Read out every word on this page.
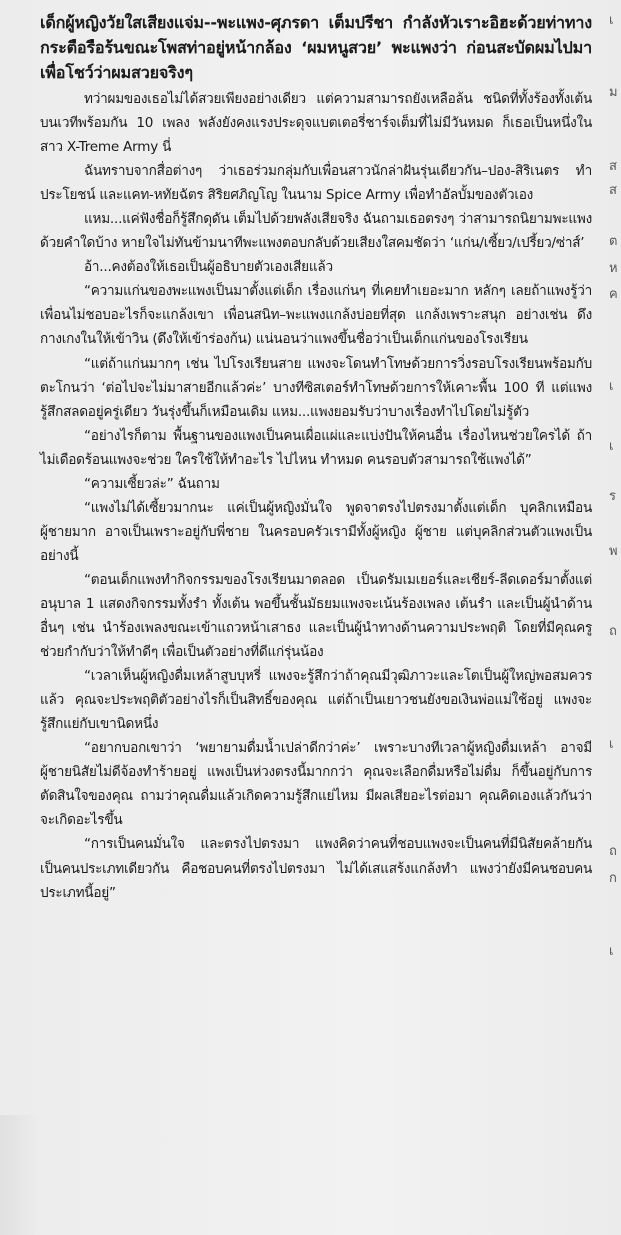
เด็กผู้หญิงวัยใสเสียงแจ่ม--พะแพง-ศุภรดา เต็มปรีชา กำลังหัวเราะอิฮะด้วยท่าทางกระตือรือร้นขณะโพสท่าอยู่หน้ากล้อง ‘ผมหนูสวย’ พะแพงว่า ก่อนสะบัดผมไปมาเพื่อโชว์ว่าผมสวยจริงๆ

ทว่าผมของเธอไม่ได้สวยเพียงอย่างเดียว แต่ความสามารถยังเหลือล้น ชนิดที่ทั้งร้องทั้งเต้นบนเวทีพร้อมกัน 10 เพลง พลังยังคงแรงประดุจแบตเตอรี่ชาร์จเต็มที่ไม่มีวันหมด ก็เธอเป็นหนึ่งในสาว X-Treme Army นี่

ฉันทราบจากสื่อต่างๆ ว่าเธอร่วมกลุ่มกับเพื่อนสาวนักล่าฝันรุ่นเดียวกัน–ปอง-สิริเนตร ทำประโยชน์ และแคท-หทัยฉัตร สิริยศภิญโญ ในนาม Spice Army เพื่อทำอัลบั้มของตัวเอง

แหม...แค่ฟังชื่อก็รู้สึกดุดัน เต็มไปด้วยพลังเสียจริง ฉันถามเธอตรงๆ ว่าสามารถนิยามพะแพงด้วยคำใดบ้าง หายใจไม่ทันข้ามนาทีพะแพงตอบกลับด้วยเสียงใสคมชัดว่า ‘แก่น/เซี้ยว/เปรี้ยว/ซ่าส์’

อ้า...คงต้องให้เธอเป็นผู้อธิบายตัวเองเสียแล้ว

“ความแก่นของพะแพงเป็นมาตั้งแต่เด็ก เรื่องแก่นๆ ที่เคยทำเยอะมาก หลักๆ เลยถ้าแพงรู้ว่าเพื่อนไม่ชอบอะไรก็จะแกล้งเขา เพื่อนสนิท–พะแพงแกล้งบ่อยที่สุด แกล้งเพราะสนุก อย่างเช่น ดึงกางเกงในให้เข้าวิน (ดึงให้เข้าร่องก้น) แน่นอนว่าแพงขึ้นชื่อว่าเป็นเด็กแก่นของโรงเรียน

“แต่ถ้าแก่นมากๆ เช่น ไปโรงเรียนสาย แพงจะโดนทำโทษด้วยการวิ่งรอบโรงเรียนพร้อมกับตะโกนว่า ‘ต่อไปจะไม่มาสายอีกแล้วค่ะ’ บางทีซิสเตอร์ทำโทษด้วยการให้เคาะพื้น 100 ที แต่แพงรู้สึกสลดอยู่ครู่เดียว วันรุ่งขึ้นก็เหมือนเดิม แหม...แพงยอมรับว่าบางเรื่องทำไปโดยไม่รู้ตัว

“อย่างไรก็ตาม พื้นฐานของแพงเป็นคนเผื่อแผ่และแบ่งปันให้คนอื่น เรื่องไหนช่วยใครได้ ถ้าไม่เดือดร้อนแพงจะช่วย ใครใช้ให้ทำอะไร ไปไหน ทำหมด คนรอบตัวสามารถใช้แพงได้”

“ความเซี้ยวล่ะ” ฉันถาม

“แพงไม่ได้เซี้ยวมากนะ แค่เป็นผู้หญิงมั่นใจ พูดจาตรงไปตรงมาตั้งแต่เด็ก บุคลิกเหมือนผู้ชายมาก อาจเป็นเพราะอยู่กับพี่ชาย ในครอบครัวเรามีทั้งผู้หญิง ผู้ชาย แต่บุคลิกส่วนตัวแพงเป็นอย่างนี้

“ตอนเด็กแพงทำกิจกรรมของโรงเรียนมาตลอด เป็นดรัมเมเยอร์และเชียร์-ลีดเดอร์มาตั้งแต่อนุบาล 1 แสดงกิจกรรมทั้งรำ ทั้งเต้น พอขึ้นชั้นมัธยมแพงจะเน้นร้องเพลง เต้นรำ และเป็นผู้นำด้านอื่นๆ เช่น นำร้องเพลงขณะเข้าแถวหน้าเสาธง และเป็นผู้นำทางด้านความประพฤติ โดยที่มีคุณครูช่วยกำกับว่าให้ทำดีๆ เพื่อเป็นตัวอย่างที่ดีแก่รุ่นน้อง

“เวลาเห็นผู้หญิงดื่มเหล้าสูบบุหรี่ แพงจะรู้สึกว่าถ้าคุณมีวุฒิภาวะและโตเป็นผู้ใหญ่พอสมควรแล้ว คุณจะประพฤติตัวอย่างไรก็เป็นสิทธิ์ของคุณ แต่ถ้าเป็นเยาวชนยังขอเงินพ่อแม่ใช้อยู่ แพงจะรู้สึกแย่กับเขานิดหนึ่ง

“อยากบอกเขาว่า ‘พยายามดื่มน้ำเปล่าดีกว่าค่ะ’ เพราะบางทีเวลาผู้หญิงดื่มเหล้า อาจมีผู้ชายนิสัยไม่ดีจ้องทำร้ายอยู่ แพงเป็นห่วงตรงนี้มากกว่า คุณจะเลือกดื่มหรือไม่ดื่ม ก็ขึ้นอยู่กับการตัดสินใจของคุณ ถามว่าคุณดื่มแล้วเกิดความรู้สึกแย่ไหม มีผลเสียอะไรต่อมา คุณคิดเองแล้วกันว่าจะเกิดอะไรขึ้น

“การเป็นคนมั่นใจ และตรงไปตรงมา แพงคิดว่าคนที่ชอบแพงจะเป็นคนที่มีนิสัยคล้ายกัน เป็นคนประเภทเดียวกัน คือชอบคนที่ตรงไปตรงมา ไม่ได้เสแสร้งแกล้งทำ แพงว่ายังมีคนชอบคนประเภทนี้อยู่”

เ
ม
ส
ส
ต
ห
ค
เ
เ
ร
พ
ถ
เ
ถ
ก
เ
